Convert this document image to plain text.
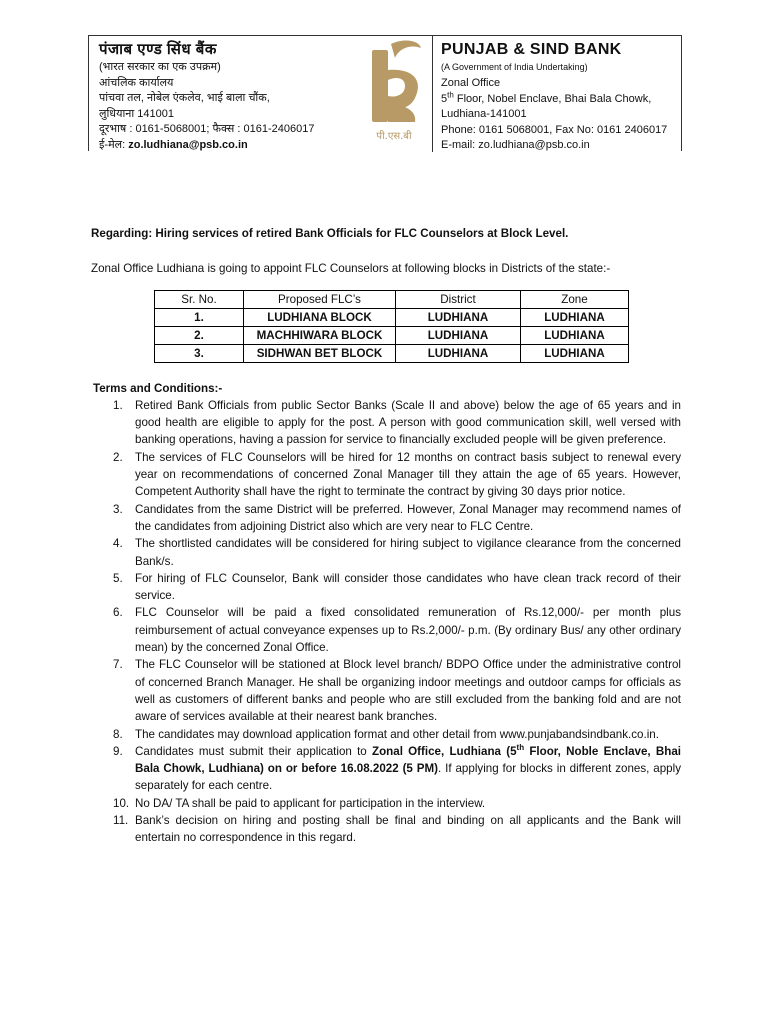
पंजाब एण्ड सिंध बैंक
(भारत सरकार का एक उपक्रम)
आंचलिक कार्यालय
पांचवा तल, नोबेल एंकलेव, भाई बाला चौंक,
लुधियाना 141001
दूरभाष : 0161-5068001; फैक्स : 0161-2406017
ई-मेल: zo.ludhiana@psb.co.in
पी.एस.बी
PUNJAB & SIND BANK
(A Government of India Undertaking)
Zonal Office
5th Floor, Nobel Enclave, Bhai Bala Chowk,
Ludhiana-141001
Phone: 0161 5068001, Fax No: 0161 2406017
E-mail: zo.ludhiana@psb.co.in

Regarding: Hiring services of retired Bank Officials for FLC Counselors at Block Level.

Zonal Office Ludhiana is going to appoint FLC Counselors at following blocks in Districts of the state:-

Sr. No.	Proposed FLC’s	District	Zone
1.	LUDHIANA BLOCK	LUDHIANA	LUDHIANA
2.	MACHHIWARA BLOCK	LUDHIANA	LUDHIANA
3.	SIDHWAN BET BLOCK	LUDHIANA	LUDHIANA
Terms and Conditions:-
1.	Retired Bank Officials from public Sector Banks (Scale II and above) below the age of 65 years and in good health are eligible to apply for the post. A person with good communication skill, well versed with banking operations, having a passion for service to financially excluded people will be given preference.
2.	The services of FLC Counselors will be hired for 12 months on contract basis subject to renewal every year on recommendations of concerned Zonal Manager till they attain the age of 65 years. However, Competent Authority shall have the right to terminate the contract by giving 30 days prior notice.
3.	Candidates from the same District will be preferred. However, Zonal Manager may recommend names of the candidates from adjoining District also which are very near to FLC Centre.
4.	The shortlisted candidates will be considered for hiring subject to vigilance clearance from the concerned Bank/s.
5.	For hiring of FLC Counselor, Bank will consider those candidates who have clean track record of their service.
6.	FLC Counselor will be paid a fixed consolidated remuneration of Rs.12,000/- per month plus reimbursement of actual conveyance expenses up to Rs.2,000/- p.m. (By ordinary Bus/ any other ordinary mean) by the concerned Zonal Office.
7.	The FLC Counselor will be stationed at Block level branch/ BDPO Office under the administrative control of concerned Branch Manager. He shall be organizing indoor meetings and outdoor camps for officials as well as customers of different banks and people who are still excluded from the banking fold and are not aware of services available at their nearest bank branches.
8.	The candidates may download application format and other detail from www.punjabandsindbank.co.in.
9.	Candidates must submit their application to Zonal Office, Ludhiana (5th Floor, Noble Enclave, Bhai Bala Chowk, Ludhiana) on or before 16.08.2022 (5 PM). If applying for blocks in different zones, apply separately for each centre.
10. No DA/ TA shall be paid to applicant for participation in the interview.
11. Bank’s decision on hiring and posting shall be final and binding on all applicants and the Bank will entertain no correspondence in this regard.
